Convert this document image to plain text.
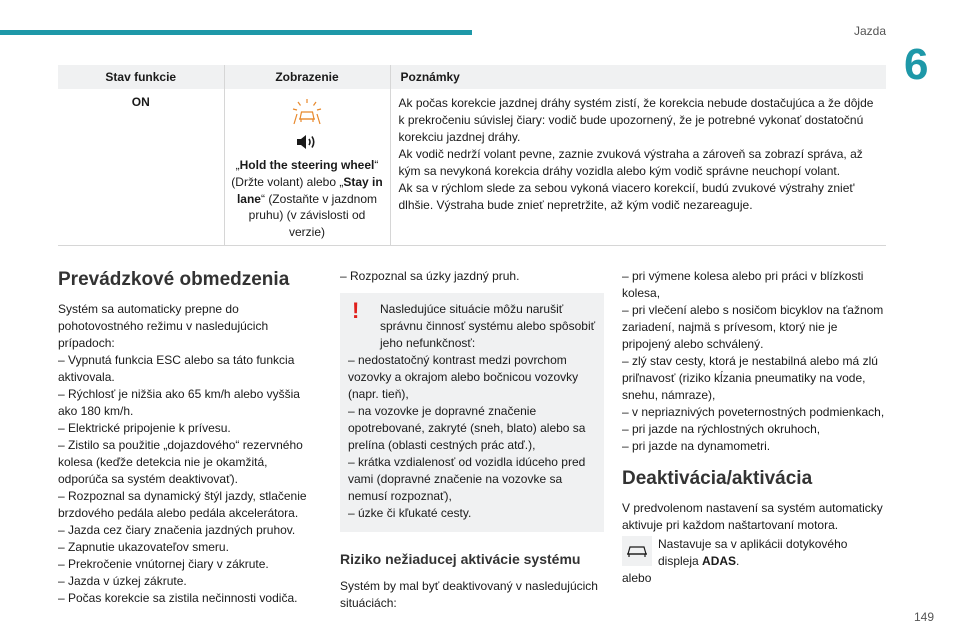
Jazda
6
Stav funkcie	Zobrazenie	Poznámky
ON	„Hold the steering wheel“ (Držte volant) alebo „Stay in lane“ (Zostaňte v jazdnom pruhu) (v závislosti od verzie)	Ak počas korekcie jazdnej dráhy systém zistí, že korekcia nebude dostačujúca a že dôjde k prekročeniu súvislej čiary: vodič bude upozornený, že je potrebné vykonať dostatočnú korekciu jazdnej dráhy.
Ak vodič nedrží volant pevne, zaznie zvuková výstraha a zároveň sa zobrazí správa, až kým sa nevykoná korekcia dráhy vozidla alebo kým vodič správne neuchopí volant.
Ak sa v rýchlom slede za sebou vykoná viacero korekcií, budú zvukové výstrahy zniet' dlhšie. Výstraha bude znieť nepretržite, až kým vodič nezareaguje.
Prevádzkové obmedzenia
Systém sa automaticky prepne do pohotovostného režimu v nasledujúcich prípadoch:
– Vypnutá funkcia ESC alebo sa táto funkcia aktivovala.
– Rýchlosť je nižšia ako 65 km/h alebo vyššia ako 180 km/h.
– Elektrické pripojenie k prívesu.
– Zistilo sa použitie „dojazdového“ rezervného kolesa (keďže detekcia nie je okamžitá, odporúča sa systém deaktivovať).
– Rozpoznal sa dynamický štýl jazdy, stlačenie brzdového pedála alebo pedála akcelerátora.
– Jazda cez čiary značenia jazdných pruhov.
– Zapnutie ukazovateľov smeru.
– Prekročenie vnútornej čiary v zákrute.
– Jazda v úzkej zákrute.
– Počas korekcie sa zistila nečinnosti vodiča.
– Rozpoznal sa úzky jazdný pruh.
! Nasledujúce situácie môžu narušiť správnu činnosť systému alebo spôsobiť jeho nefunkčnosť:
– nedostatočný kontrast medzi povrchom vozovky a okrajom alebo bočnicou vozovky (napr. tieň),
– na vozovke je dopravné značenie opotrebované, zakryté (sneh, blato) alebo sa prelína (oblasti cestných prác atď.),
– krátka vzdialenosť od vozidla idúceho pred vami (dopravné značenie na vozovke sa nemusí rozpoznať),
– úzke či kľukaté cesty.
Riziko nežiaducej aktivácie systému
Systém by mal byť deaktivovaný v nasledujúcich situáciách:
– pri výmene kolesa alebo pri práci v blízkosti kolesa,
– pri vlečení alebo s nosičom bicyklov na ťažnom zariadení, najmä s prívesom, ktorý nie je pripojený alebo schválený.
– zlý stav cesty, ktorá je nestabilná alebo má zlú priľnavosť (riziko kĺzania pneumatiky na vode, snehu, námraze),
– v nepriaznivých poveternostných podmienkach,
– pri jazde na rýchlostných okruhoch,
– pri jazde na dynamometri.
Deaktivácia/aktivácia
V predvolenom nastavení sa systém automaticky aktivuje pri každom naštartovaní motora.
Nastavuje sa v aplikácii dotykového displeja ADAS.
alebo
149
